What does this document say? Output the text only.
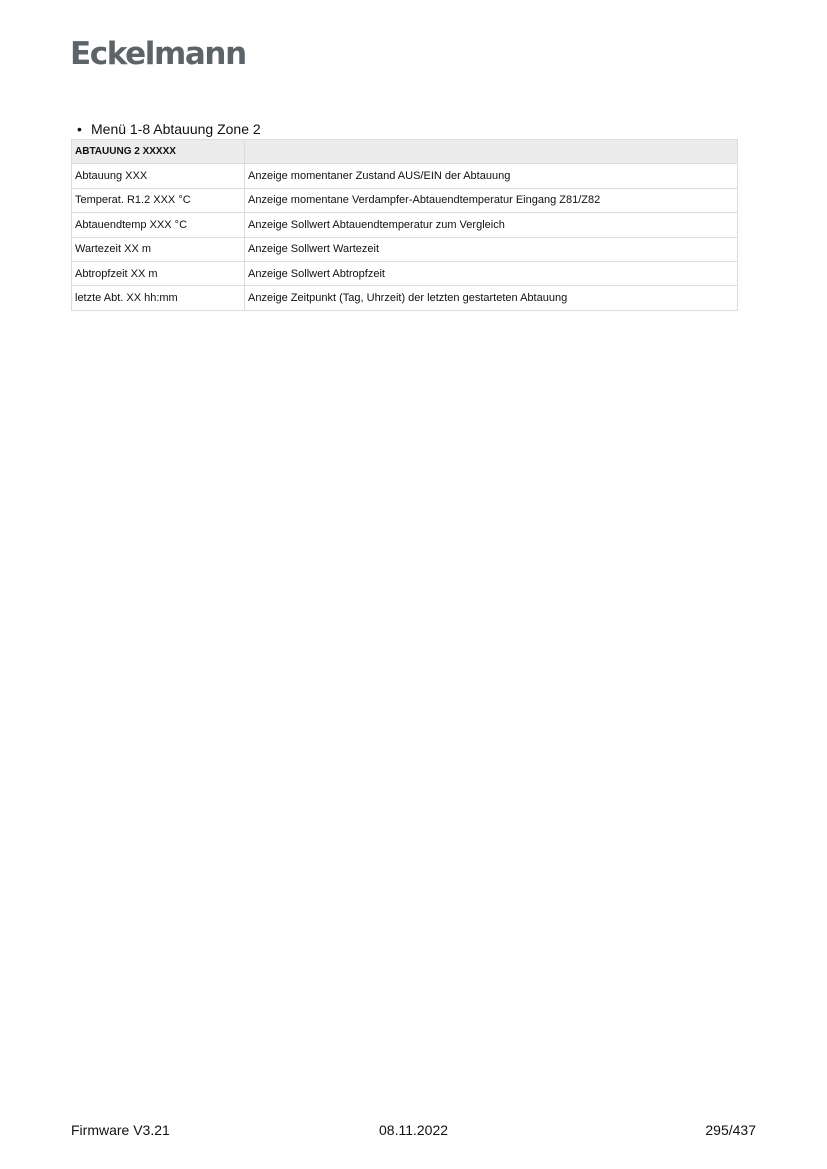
Eckelmann
• Menü 1-8 Abtauung Zone 2
ABTAUUNG 2 XXXXX	
Abtauung XXX	Anzeige momentaner Zustand AUS/EIN der Abtauung
Temperat. R1.2 XXX °C	Anzeige momentane Verdampfer-Abtauendtemperatur Eingang Z81/Z82
Abtauendtemp XXX °C	Anzeige Sollwert Abtauendtemperatur zum Vergleich
Wartezeit XX m	Anzeige Sollwert Wartezeit
Abtropfzeit XX m	Anzeige Sollwert Abtropfzeit
letzte Abt. XX hh:mm	Anzeige Zeitpunkt (Tag, Uhrzeit) der letzten gestarteten Abtauung
Firmware V3.21	08.11.2022	295/437
